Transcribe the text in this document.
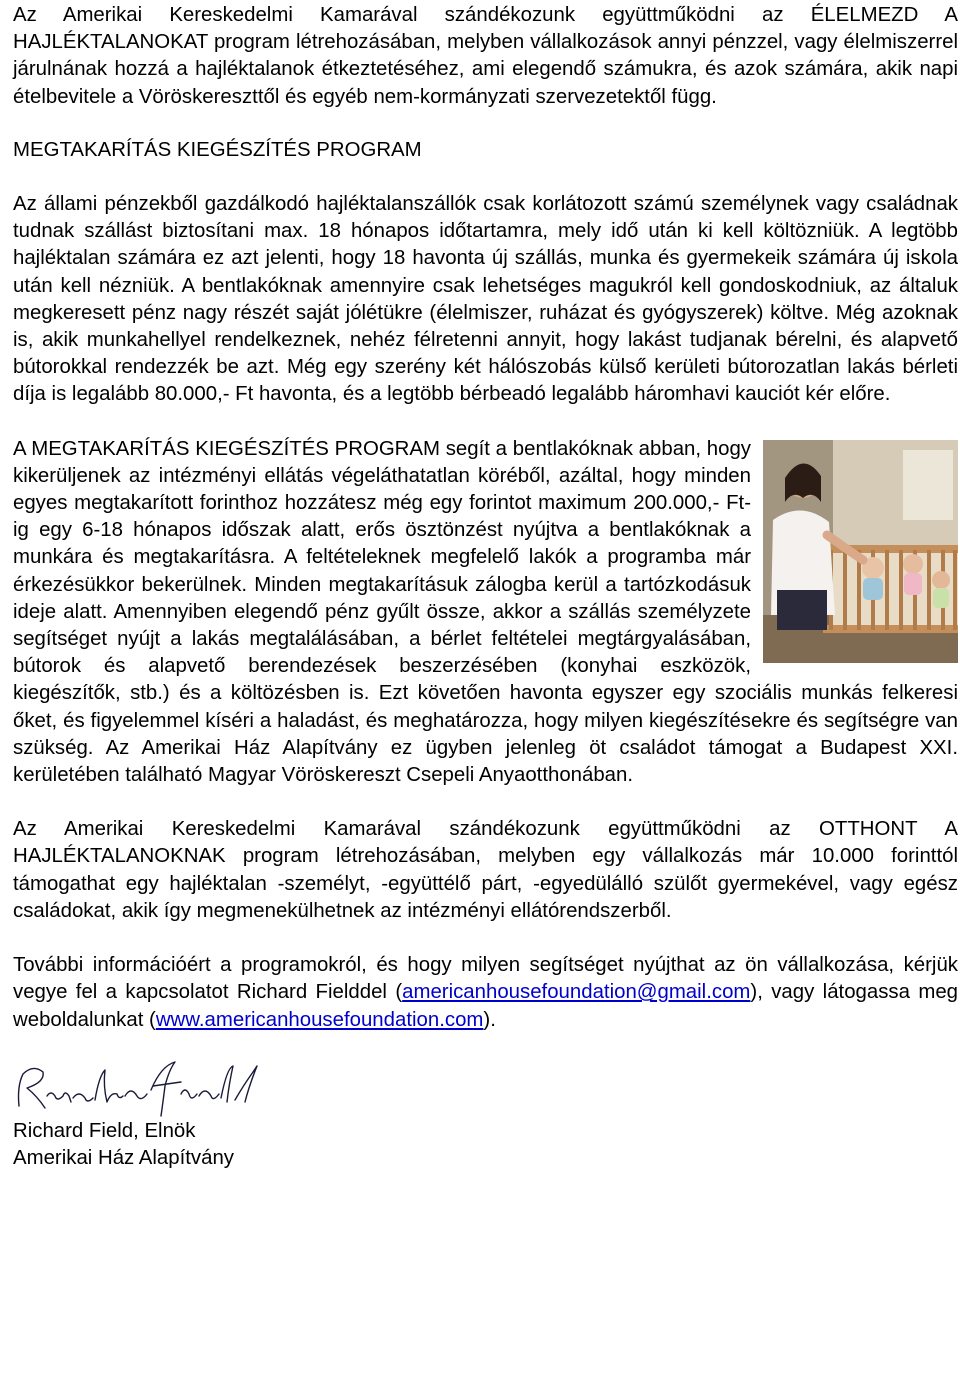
Az Amerikai Kereskedelmi Kamarával szándékozunk együttműködni az ÉLELMEZD A HAJLÉKTALANOKAT program létrehozásában, melyben vállalkozások annyi pénzzel, vagy élelmiszerrel járulnának hozzá a hajléktalanok étkeztetéséhez, ami elegendő számukra, és azok számára, akik napi ételbevitele a Vöröskereszttől és egyéb nem-kormányzati szervezetektől függ.

MEGTAKARÍTÁS KIEGÉSZÍTÉS PROGRAM

Az állami pénzekből gazdálkodó hajléktalanszállók csak korlátozott számú személynek vagy családnak tudnak szállást biztosítani max. 18 hónapos időtartamra, mely idő után ki kell költözniük. A legtöbb hajléktalan számára ez azt jelenti, hogy 18 havonta új szállás, munka és gyermekeik számára új iskola után kell nézniük. A bentlakóknak amennyire csak lehetséges magukról kell gondoskodniuk, az általuk megkeresett pénz nagy részét saját jólétükre (élelmiszer, ruházat és gyógyszerek) költve. Még azoknak is, akik munkahellyel rendelkeznek, nehéz félretenni annyit, hogy lakást tudjanak bérelni, és alapvető bútorokkal rendezzék be azt. Még egy szerény két hálószobás külső kerületi bútorozatlan lakás bérleti díja is legalább 80.000,- Ft havonta, és a legtöbb bérbeadó legalább háromhavi kauciót kér előre.

A MEGTAKARÍTÁS KIEGÉSZÍTÉS PROGRAM segít a bentlakóknak abban, hogy kikerüljenek az intézményi ellátás végeláthatatlan köréből, azáltal, hogy minden egyes megtakarított forinthoz hozzátesz még egy forintot maximum 200.000,- Ft-ig egy 6-18 hónapos időszak alatt, erős ösztönzést nyújtva a bentlakóknak a munkára és megtakarításra. A feltételeknek megfelelő lakók a programba már érkezésükkor bekerülnek. Minden megtakarításuk zálogba kerül a tartózkodásuk ideje alatt. Amennyiben elegendő pénz gyűlt össze, akkor a szállás személyzete segítséget nyújt a lakás megtalálásában, a bérlet feltételei megtárgyalásában, bútorok és alapvető berendezések beszerzésében (konyhai eszközök, kiegészítők, stb.) és a költözésben is. Ezt követően havonta egyszer egy szociális munkás felkeresi őket, és figyelemmel kíséri a haladást, és meghatározza, hogy milyen kiegészítésekre és segítségre van szükség. Az Amerikai Ház Alapítvány ez ügyben jelenleg öt családot támogat a Budapest XXI. kerületében található Magyar Vöröskereszt Csepeli Anyaotthonában.

Az Amerikai Kereskedelmi Kamarával szándékozunk együttműködni az OTTHONT A HAJLÉKTALANOKNAK program létrehozásában, melyben egy vállalkozás már 10.000 forinttól támogathat egy hajléktalan -személyt, -együttélő párt, -egyedülálló szülőt gyermekével, vagy egész családokat, akik így megmenekülhetnek az intézményi ellátórendszerből.

További információért a programokról, és hogy milyen segítséget nyújthat az ön vállalkozása, kérjük vegye fel a kapcsolatot Richard Fielddel (americanhousefoundation@gmail.com), vagy látogassa meg weboldalunkat (www.americanhousefoundation.com).

Richard Field, Elnök

Amerikai Ház Alapítvány
